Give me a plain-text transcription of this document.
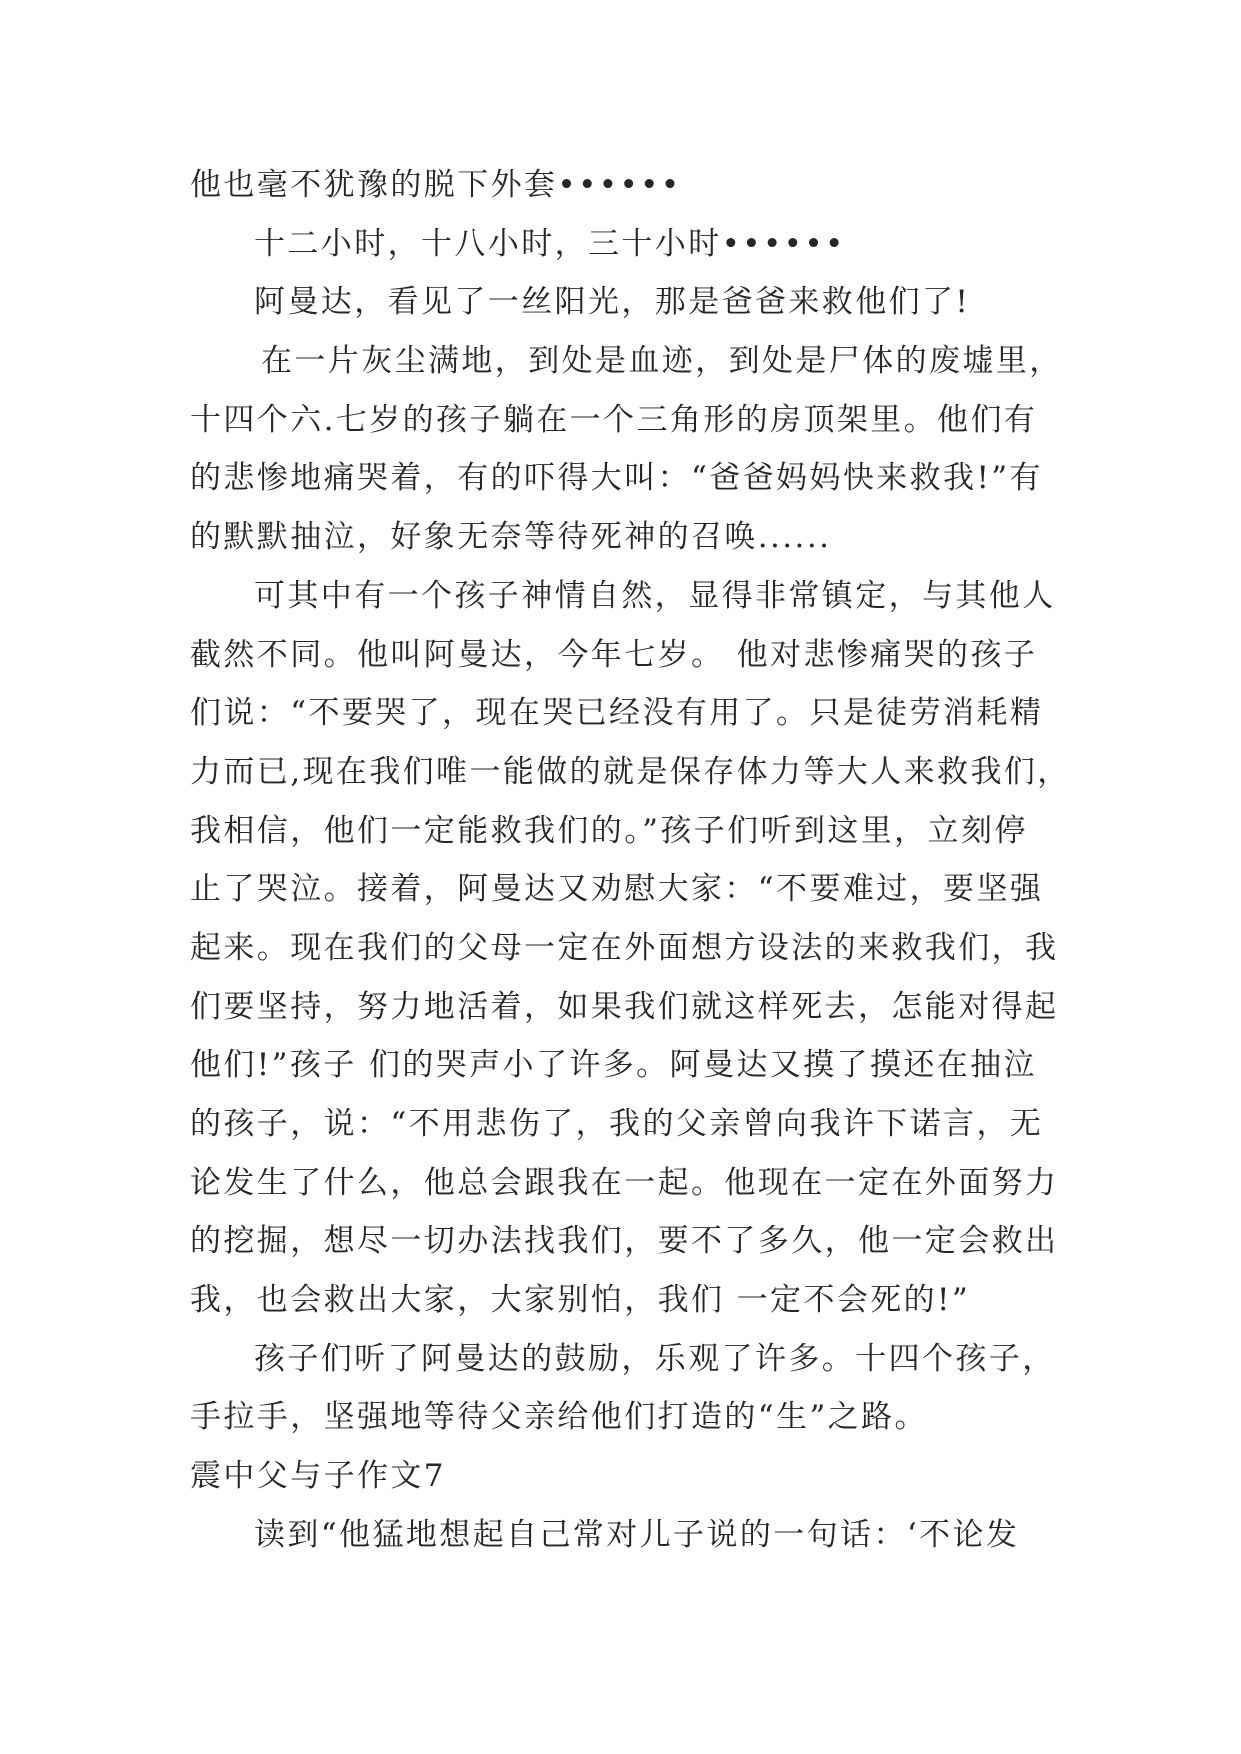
他也毫不犹豫的脱下外套••••••
十二小时，十八小时，三十小时••••••
阿曼达，看见了一丝阳光，那是爸爸来救他们了!
在一片灰尘满地，到处是血迹，到处是尸体的废墟里，
十四个六.七岁的孩子躺在一个三角形的房顶架里。他们有
的悲惨地痛哭着，有的吓得大叫：“爸爸妈妈快来救我!”有
的默默抽泣，好象无奈等待死神的召唤......
可其中有一个孩子神情自然，显得非常镇定，与其他人
截然不同。他叫阿曼达，今年七岁。 他对悲惨痛哭的孩子
们说：“不要哭了，现在哭已经没有用了。只是徒劳消耗精
力而已,现在我们唯一能做的就是保存体力等大人来救我们，
我相信，他们一定能救我们的。”孩子们听到这里，立刻停
止了哭泣。接着，阿曼达又劝慰大家：“不要难过，要坚强
起来。现在我们的父母一定在外面想方设法的来救我们，我
们要坚持，努力地活着，如果我们就这样死去，怎能对得起
他们!”孩子 们的哭声小了许多。阿曼达又摸了摸还在抽泣
的孩子，说：“不用悲伤了，我的父亲曾向我许下诺言，无
论发生了什么，他总会跟我在一起。他现在一定在外面努力
的挖掘，想尽一切办法找我们，要不了多久，他一定会救出
我，也会救出大家，大家别怕，我们 一定不会死的!”
孩子们听了阿曼达的鼓励，乐观了许多。十四个孩子，
手拉手，坚强地等待父亲给他们打造的“生”之路。
震中父与子作文7
读到“他猛地想起自己常对儿子说的一句话：‘不论发
